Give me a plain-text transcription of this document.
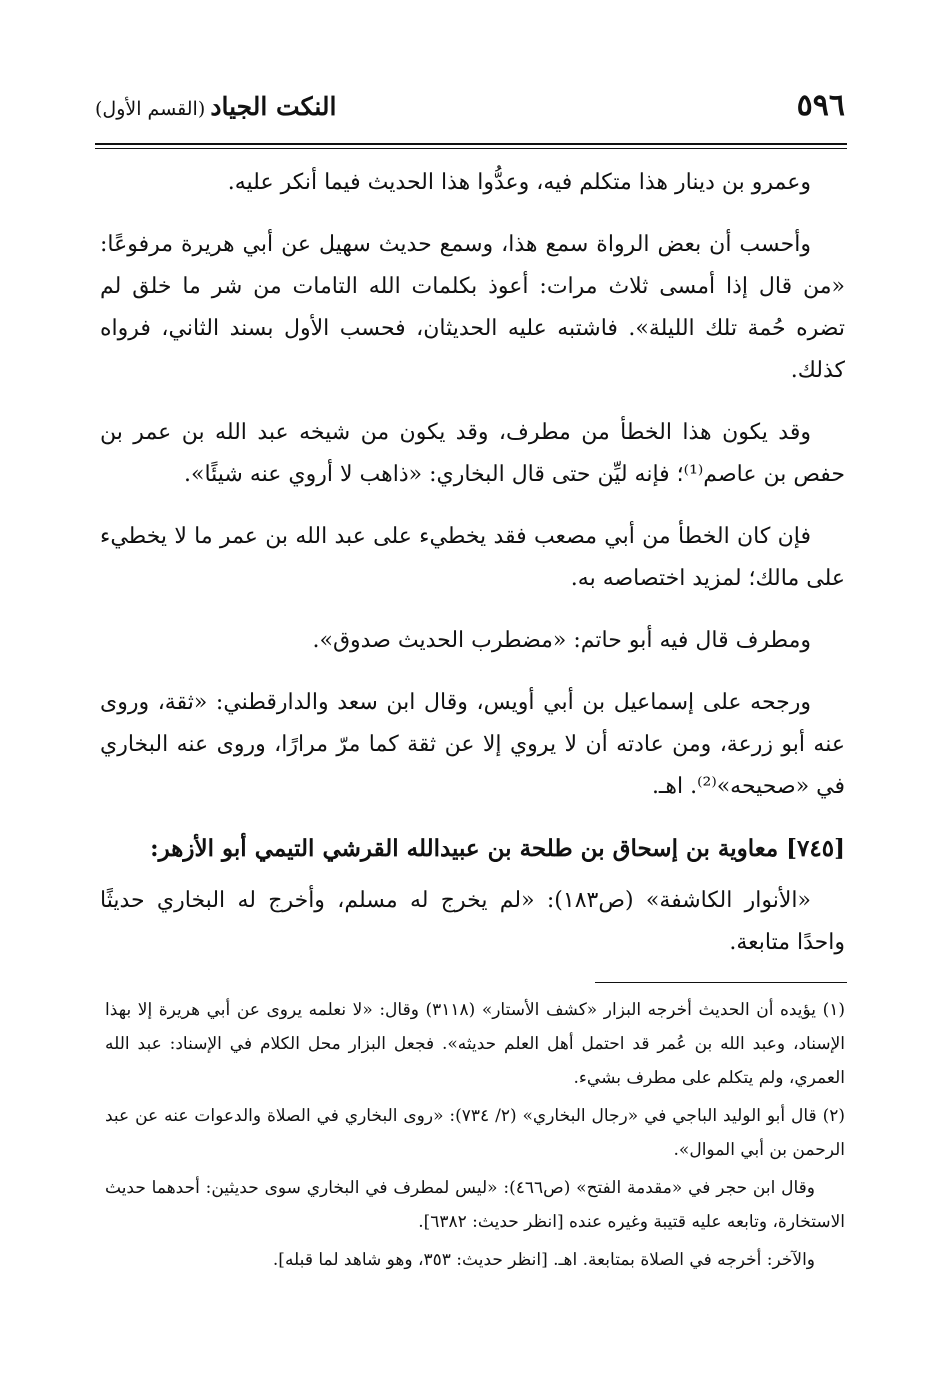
٥٩٦
النكت الجياد (القسم الأول)

وعمرو بن دينار هذا متكلم فيه، وعدُّوا هذا الحديث فيما أنكر عليه.

وأحسب أن بعض الرواة سمع هذا، وسمع حديث سهيل عن أبي هريرة مرفوعًا: «من قال إذا أمسى ثلاث مرات: أعوذ بكلمات الله التامات من شر ما خلق لم تضره حُمة تلك الليلة». فاشتبه عليه الحديثان، فحسب الأول بسند الثاني، فرواه كذلك.

وقد يكون هذا الخطأ من مطرف، وقد يكون من شيخه عبد الله بن عمر بن حفص بن عاصم⁽¹⁾؛ فإنه ليِّن حتى قال البخاري: «ذاهب لا أروي عنه شيئًا».

فإن كان الخطأ من أبي مصعب فقد يخطيء على عبد الله بن عمر ما لا يخطيء على مالك؛ لمزيد اختصاصه به.

ومطرف قال فيه أبو حاتم: «مضطرب الحديث صدوق».

ورجحه على إسماعيل بن أبي أويس، وقال ابن سعد والدارقطني: «ثقة، وروى عنه أبو زرعة، ومن عادته أن لا يروي إلا عن ثقة كما مرّ مرارًا، وروى عنه البخاري في «صحيحه»⁽²⁾. اهـ.

[٧٤٥] معاوية بن إسحاق بن طلحة بن عبيدالله القرشي التيمي أبو الأزهر:

«الأنوار الكاشفة» (ص١٨٣): «لم يخرج له مسلم، وأخرج له البخاري حديثًا واحدًا متابعة.

(١) يؤيده أن الحديث أخرجه البزار «كشف الأستار» (٣١١٨) وقال: «لا نعلمه يروى عن أبي هريرة إلا بهذا الإسناد، وعبد الله بن عُمر قد احتمل أهل العلم حديثه». فجعل البزار محل الكلام في الإسناد: عبد الله العمري، ولم يتكلم على مطرف بشيء.

(٢) قال أبو الوليد الباجي في «رجال البخاري» (٢/ ٧٣٤): «روى البخاري في الصلاة والدعوات عنه عن عبد الرحمن بن أبي الموال».

وقال ابن حجر في «مقدمة الفتح» (ص٤٦٦): «ليس لمطرف في البخاري سوى حديثين: أحدهما حديث الاستخارة، وتابعه عليه قتيبة وغيره عنده [انظر حديث: ٦٣٨٢].

والآخر: أخرجه في الصلاة بمتابعة. اهـ. [انظر حديث: ٣٥٣، وهو شاهد لما قبله].
